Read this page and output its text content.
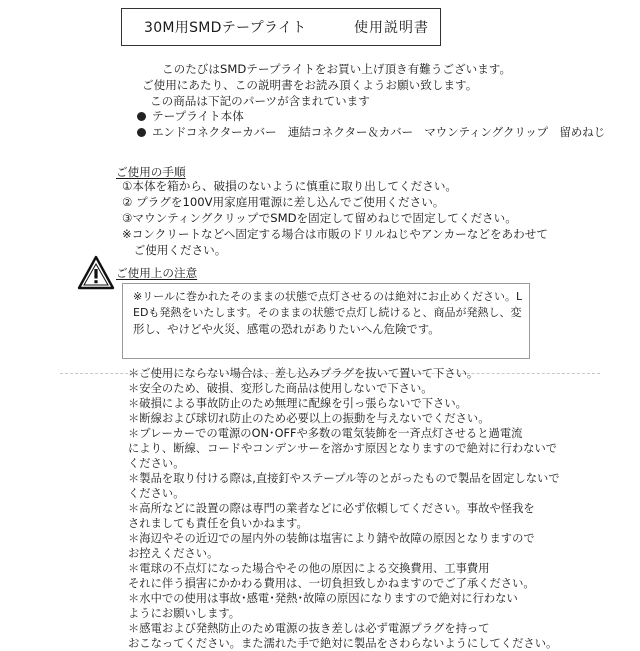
30M用SMDテープライト	使用説明書
このたびはSMDテープライトをお買い上げ頂き有難うございます。
ご使用にあたり、この説明書をお読み頂くようお願い致します。
この商品は下記のパーツが含まれています
テープライト本体
エンドコネクターカバー　連結コネクター＆カバー　マウンティングクリップ　留めねじ
ご使用の手順
①本体を箱から、破損のないように慎重に取り出してください。
② プラグを100V用家庭用電源に差し込んでご使用ください。
③マウンティングクリップでSMDを固定して留めねじで固定してください。
※コンクリートなどへ固定する場合は市販のドリルねじやアンカーなどをあわせて
　ご使用ください。
ご使用上の注意
※リールに巻かれたそのままの状態で点灯させるのは絶対にお止めください。L
EDも発熱をいたします。そのままの状態で点灯し続けると、商品が発熱し、変
形し、やけどや火災、感電の恐れがありたいへん危険です。
＊ご使用にならない場合は、差し込みプラグを抜いて置いて下さい。
＊安全のため、破損、変形した商品は使用しないで下さい。
＊破損による事故防止のため無理に配線を引っ張らないで下さい。
＊断線および球切れ防止のため必要以上の振動を与えないでください。
＊ブレーカーでの電源のON･OFFや多数の電気装飾を一斉点灯させると過電流
により、断線、コードやコンデンサーを溶かす原因となりますので絶対に行わないで
ください。
＊製品を取り付ける際は,直接釘やステープル等のとがったもので製品を固定しないで
ください。
＊高所などに設置の際は専門の業者などに必ず依頼してください。事故や怪我を
されましても責任を負いかねます。
＊海辺やその近辺での屋内外の装飾は塩害により錆や故障の原因となりますので
お控えください。
＊電球の不点灯になった場合やその他の原因による交換費用、工事費用
それに伴う損害にかかわる費用は、一切負担致しかねますのでご了承ください。
＊水中での使用は事故･感電･発熱･故障の原因になりますので絶対に行わない
ようにお願いします。
＊感電および発熱防止のため電源の抜き差しは必ず電源プラグを持って
おこなってください。また濡れた手で絶対に製品をさわらないようにしてください。
